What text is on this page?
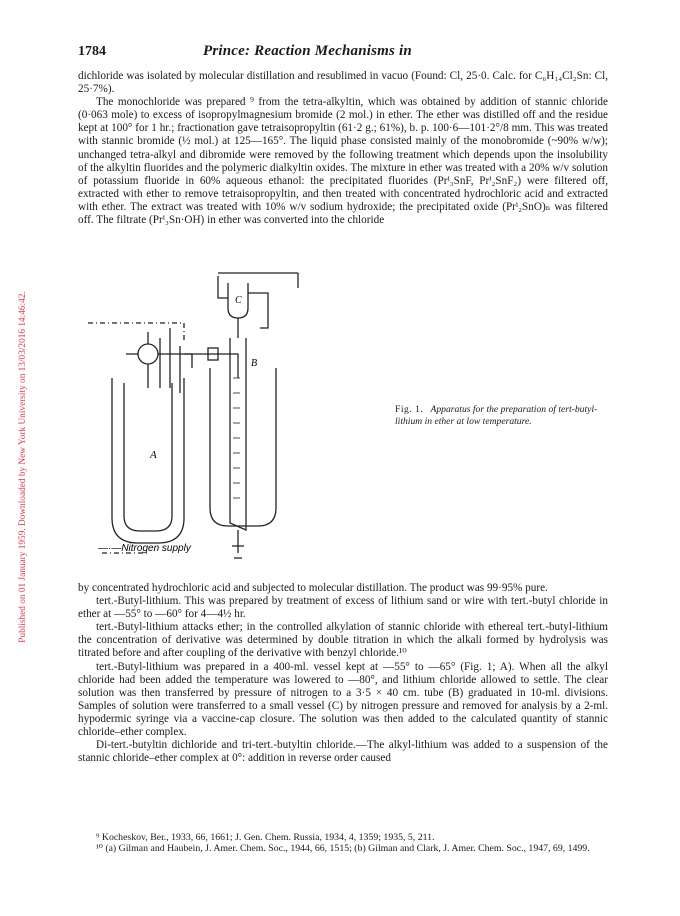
Published on 01 January 1959. Downloaded by New York University on 13/03/2016 14:46:42.
1784	Prince: Reaction Mechanisms in

dichloride was isolated by molecular distillation and resublimed in vacuo (Found: Cl, 25·0. Calc. for C₆H₁₄Cl₂Sn: Cl, 25·7%).

The monochloride was prepared ⁹ from the tetra-alkyltin, which was obtained by addition of stannic chloride (0·063 mole) to excess of isopropylmagnesium bromide (2 mol.) in ether. The ether was distilled off and the residue kept at 100° for 1 hr.; fractionation gave tetraisopropyltin (61·2 g.; 61%), b. p. 100·6—101·2°/8 mm. This was treated with stannic bromide (½ mol.) at 125—165°. The liquid phase consisted mainly of the monobromide (~90% w/w); unchanged tetra-alkyl and dibromide were removed by the following treatment which depends upon the insolubility of the alkyltin fluorides and the polymeric dialkyltin oxides. The mixture in ether was treated with a 20% w/v solution of potassium fluoride in 60% aqueous ethanol: the precipitated fluorides (Prⁱ₃SnF, Prⁱ₂SnF₂) were filtered off, extracted with ether to remove tetraisopropyltin, and then treated with concentrated hydrochloric acid and extracted with ether. The extract was treated with 10% w/v sodium hydroxide; the precipitated oxide (Prⁱ₂SnO)ₙ was filtered off. The filtrate (Prⁱ₃Sn·OH) in ether was converted into the chloride

A
B
C
—·—Nitrogen supply
Fig. 1. Apparatus for the preparation of tert-butyl-lithium in ether at low temperature.

by concentrated hydrochloric acid and subjected to molecular distillation. The product was 99·95% pure.

tert.-Butyl-lithium. This was prepared by treatment of excess of lithium sand or wire with tert.-butyl chloride in ether at —55° to —60° for 4—4½ hr.

tert.-Butyl-lithium attacks ether; in the controlled alkylation of stannic chloride with ethereal tert.-butyl-lithium the concentration of derivative was determined by double titration in which the alkali formed by hydrolysis was titrated before and after coupling of the derivative with benzyl chloride.¹⁰

tert.-Butyl-lithium was prepared in a 400-ml. vessel kept at —55° to —65° (Fig. 1; A). When all the alkyl chloride had been added the temperature was lowered to —80°, and lithium chloride allowed to settle. The clear solution was then transferred by pressure of nitrogen to a 3·5 × 40 cm. tube (B) graduated in 10-ml. divisions. Samples of solution were transferred to a small vessel (C) by nitrogen pressure and removed for analysis by a 2-ml. hypodermic syringe via a vaccine-cap closure. The solution was then added to the calculated quantity of stannic chloride–ether complex.

Di-tert.-butyltin dichloride and tri-tert.-butyltin chloride.—The alkyl-lithium was added to a suspension of the stannic chloride–ether complex at 0°: addition in reverse order caused

⁹ Kocheskov, Ber., 1933, 66, 1661; J. Gen. Chem. Russia, 1934, 4, 1359; 1935, 5, 211.

¹⁰ (a) Gilman and Haubein, J. Amer. Chem. Soc., 1944, 66, 1515; (b) Gilman and Clark, J. Amer. Chem. Soc., 1947, 69, 1499.
